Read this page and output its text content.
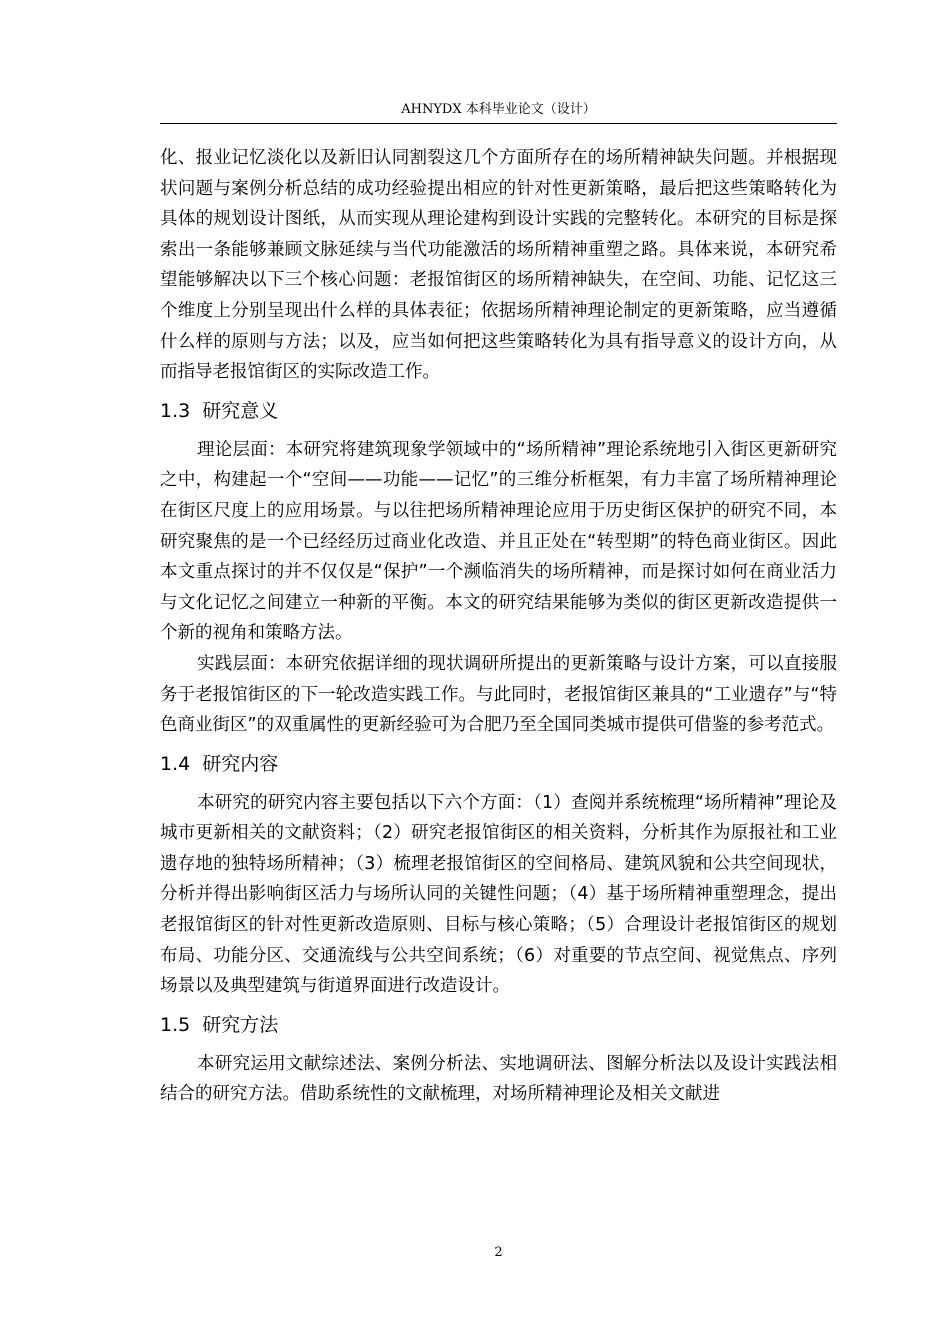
AHNYDX 本科毕业论文（设计）

化、报业记忆淡化以及新旧认同割裂这几个方面所存在的场所精神缺失问题。并根据现状问题与案例分析总结的成功经验提出相应的针对性更新策略，最后把这些策略转化为具体的规划设计图纸，从而实现从理论建构到设计实践的完整转化。本研究的目标是探索出一条能够兼顾文脉延续与当代功能激活的场所精神重塑之路。具体来说，本研究希望能够解决以下三个核心问题：老报馆街区的场所精神缺失，在空间、功能、记忆这三个维度上分别呈现出什么样的具体表征；依据场所精神理论制定的更新策略，应当遵循什么样的原则与方法；以及，应当如何把这些策略转化为具有指导意义的设计方向，从而指导老报馆街区的实际改造工作。

1.3 研究意义

理论层面：本研究将建筑现象学领域中的“场所精神”理论系统地引入街区更新研究之中，构建起一个“空间——功能——记忆”的三维分析框架，有力丰富了场所精神理论在街区尺度上的应用场景。与以往把场所精神理论应用于历史街区保护的研究不同，本研究聚焦的是一个已经经历过商业化改造、并且正处在“转型期”的特色商业街区。因此本文重点探讨的并不仅仅是“保护”一个濒临消失的场所精神，而是探讨如何在商业活力与文化记忆之间建立一种新的平衡。本文的研究结果能够为类似的街区更新改造提供一个新的视角和策略方法。

实践层面：本研究依据详细的现状调研所提出的更新策略与设计方案，可以直接服务于老报馆街区的下一轮改造实践工作。与此同时，老报馆街区兼具的“工业遗存”与“特色商业街区”的双重属性的更新经验可为合肥乃至全国同类城市提供可借鉴的参考范式。

1.4 研究内容

本研究的研究内容主要包括以下六个方面：（1）查阅并系统梳理“场所精神”理论及城市更新相关的文献资料；（2）研究老报馆街区的相关资料，分析其作为原报社和工业遗存地的独特场所精神；（3）梳理老报馆街区的空间格局、建筑风貌和公共空间现状，分析并得出影响街区活力与场所认同的关键性问题；（4）基于场所精神重塑理念，提出老报馆街区的针对性更新改造原则、目标与核心策略；（5）合理设计老报馆街区的规划布局、功能分区、交通流线与公共空间系统；（6）对重要的节点空间、视觉焦点、序列场景以及典型建筑与街道界面进行改造设计。

1.5 研究方法

本研究运用文献综述法、案例分析法、实地调研法、图解分析法以及设计实践法相结合的研究方法。借助系统性的文献梳理，对场所精神理论及相关文献进

2
